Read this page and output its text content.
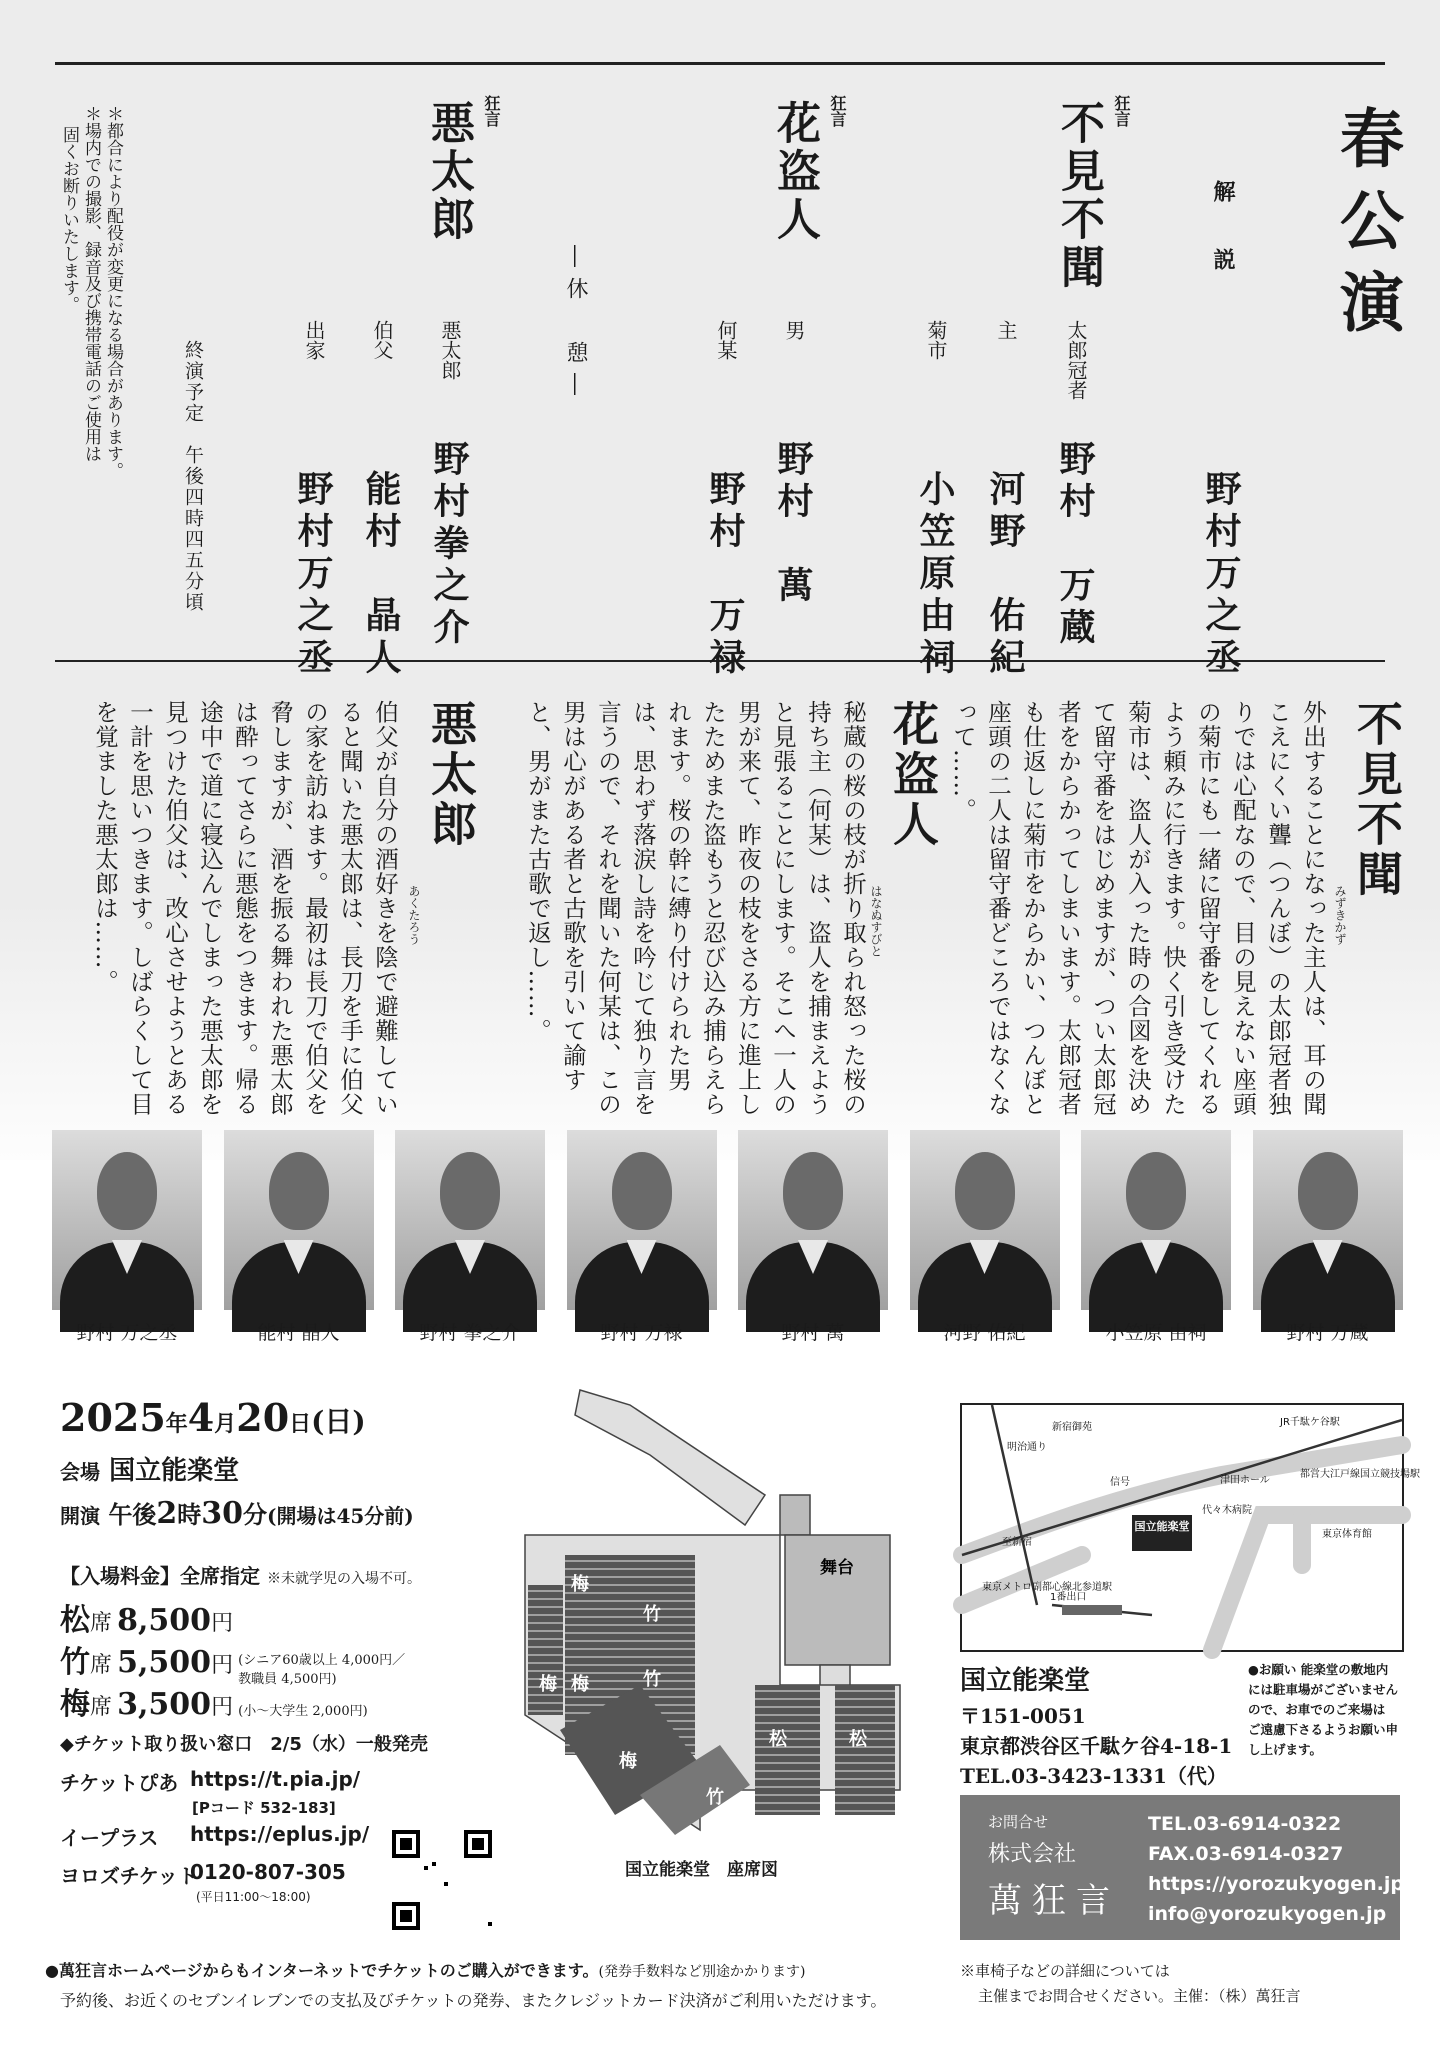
春公演
解　説
野村万之丞
狂言
不見不聞
太郎冠者
野村　万蔵
主
河野　佑紀
菊市
小笠原由祠
狂言
花盗人
男
野村　萬
何某
野村　万禄
―休　憩―
狂言
悪太郎
悪太郎
野村拳之介
伯父
能村　晶人
出家
野村万之丞
終演予定　午後四時四五分頃
＊都合により配役が変更になる場合があります。
＊場内での撮影、録音及び携帯電話のご使用は
固くお断りいたします。
不見不聞
みずきかず
外出することになった主人は、耳の聞こえにくい聾（つんぼ）の太郎冠者独りでは心配なので、目の見えない座頭の菊市にも一緒に留守番をしてくれるよう頼みに行きます。快く引き受けた菊市は、盗人が入った時の合図を決めて留守番をはじめますが、つい太郎冠者をからかってしまいます。太郎冠者も仕返しに菊市をからかい、つんぼと座頭の二人は留守番どころではなくなって……。
花盗人
はなぬすびと
秘蔵の桜の枝が折り取られ怒った桜の持ち主（何某）は、盗人を捕まえようと見張ることにします。そこへ一人の男が来て、昨夜の枝をさる方に進上したためまた盗もうと忍び込み捕らえられます。桜の幹に縛り付けられた男は、思わず落涙し詩を吟じて独り言を言うので、それを聞いた何某は、この男は心がある者と古歌を引いて諭すと、男がまた古歌で返し……。
悪太郎
あくたろう
伯父が自分の酒好きを陰で避難していると聞いた悪太郎は、長刀を手に伯父の家を訪ねます。最初は長刀で伯父を脅しますが、酒を振る舞われた悪太郎は酔ってさらに悪態をつきます。帰る途中で道に寝込んでしまった悪太郎を見つけた伯父は、改心させようとある一計を思いつきます。しばらくして目を覚ました悪太郎は……。
野村 万之丞	能村 晶人	野村 拳之介	野村 万禄	野村 萬	河野 佑紀	小笠原 由祠	野村 万蔵
2025年4月20日(日)
会場 国立能楽堂
開演 午後2時30分(開場は45分前)
【入場料金】全席指定 ※未就学児の入場不可。
松席 8,500円
竹席 5,500円 (シニア60歳以上 4,000円／教職員 4,500円)
梅席 3,500円 (小～大学生 2,000円)
◆チケット取り扱い窓口　2/5（水）一般発売
チケットぴあ https://t.pia.jp/
[Pコード 532-183]
イープラス https://eplus.jp/
ヨロズチケット
0120-807-305
(平日11:00～18:00)
●萬狂言ホームページからもインターネットでチケットのご購入ができます。(発券手数料など別途かかります)
予約後、お近くのセブンイレブンでの支払及びチケットの発券、またクレジットカード決済がご利用いただけます。
梅
竹
梅 梅	竹
梅
竹
松	松
舞台
国立能楽堂　座席図
明治通り
新宿御苑	JR千駄ケ谷駅
信号	津田ホール
代々木病院
都営大江戸線国立競技場駅
至新宿
国立能楽堂
東京体育館
東京メトロ副都心線北参道駅
1番出口
国立能楽堂
〒151-0051
東京都渋谷区千駄ケ谷4-18-1
TEL.03-3423-1331（代）
●お願い 能楽堂の敷地内には駐車場がございませんので、お車でのご来場は ご遠慮下さるようお願い申し上げます。
お問合せ
株式会社
萬狂言
TEL.03-6914-0322
FAX.03-6914-0327
https://yorozukyogen.jp
info@yorozukyogen.jp
※車椅子などの詳細については
主催までお問合せください。主催：（株）萬狂言
